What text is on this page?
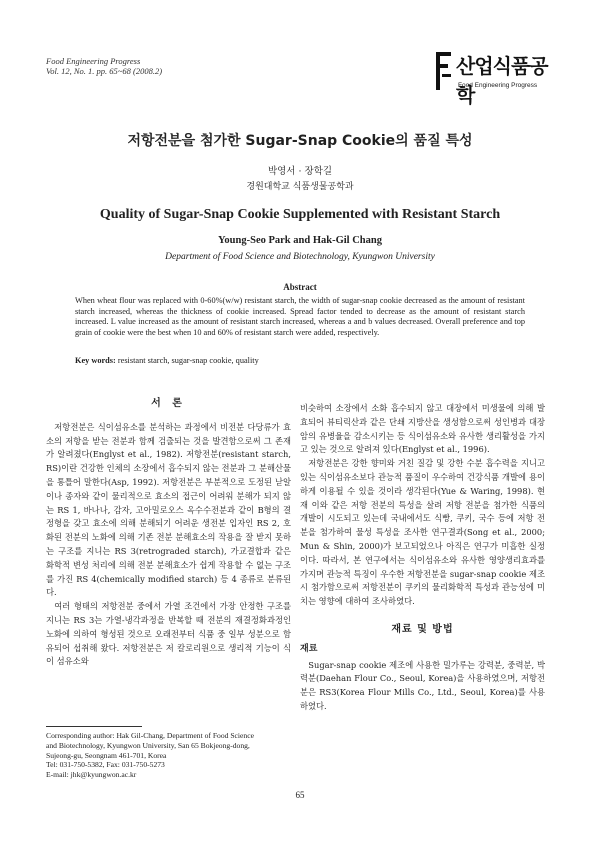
Food Engineering Progress
Vol. 12, No. 1. pp. 65~68 (2008.2)	산업식품공학
Food Engineering Progress
저항전분을 첨가한 Sugar-Snap Cookie의 품질 특성
박영서 · 장학길
경원대학교 식품생물공학과
Quality of Sugar-Snap Cookie Supplemented with Resistant Starch
Young-Seo Park and Hak-Gil Chang
Department of Food Science and Biotechnology, Kyungwon University
Abstract
When wheat flour was replaced with 0-60%(w/w) resistant starch, the width of sugar-snap cookie decreased as the amount of resistant starch increased, whereas the thickness of cookie increased. Spread factor tended to decrease as the amount of resistant starch increased. L value increased as the amount of resistant starch increased, whereas a and b values decreased. Overall preference and top grain of cookie were the best when 10 and 60% of resistant starch were added, respectively.
Key words: resistant starch, sugar-snap cookie, quality
서 론

저항전분은 식이섬유소를 분석하는 과정에서 비전분 다당류가 효소의 저항을 받는 전분과 함께 검출되는 것을 발견함으로써 그 존재가 알려졌다(Englyst et al., 1982). 저항전분(resistant starch, RS)이란 건강한 인체의 소장에서 흡수되지 않는 전분과 그 분해산물을 통틀어 말한다(Asp, 1992). 저항전분은 부분적으로 도정된 낟알이나 종자와 같이 물리적으로 효소의 접근이 어려워 분해가 되지 않는 RS 1, 바나나, 감자, 고아밀로오스 옥수수전분과 같이 B형의 결정형을 갖고 효소에 의해 분해되기 어려운 생전분 입자인 RS 2, 호화된 전분의 노화에 의해 기존 전분 분해효소의 작용을 잘 받지 못하는 구조를 지니는 RS 3(retrograded starch), 가교결합과 같은 화학적 변성 처리에 의해 전분 분해효소가 쉽게 작용할 수 없는 구조를 가진 RS 4(chemically modified starch) 등 4 종류로 분류된다.

여러 형태의 저항전분 중에서 가열 조건에서 가장 안정한 구조를 지니는 RS 3는 가열-냉각과정을 반복할 때 전분의 재결정화과정인 노화에 의하여 형성된 것으로 오래전부터 식품 중 일부 성분으로 함유되어 섭취해 왔다. 저항전분은 저 칼로리원으로 생리적 기능이 식이 섬유소와

비슷하여 소장에서 소화 흡수되지 않고 대장에서 미생물에 의해 발효되어 뷰티릭산과 같은 단쇄 지방산을 생성함으로써 성인병과 대장암의 유병율을 감소시키는 등 식이섬유소와 유사한 생리활성을 가지고 있는 것으로 알려져 있다(Englyst et al., 1996).

저항전분은 강한 향미와 거친 질감 및 강한 수분 흡수력을 지니고 있는 식이섬유소보다 관능적 품질이 우수하여 건강식품 개발에 용이하게 이용될 수 있을 것이라 생각된다(Yue & Waring, 1998). 현재 이와 같은 저항 전분의 특성을 살려 저항 전분을 첨가한 식품의 개발이 시도되고 있는데 국내에서도 식빵, 쿠키, 국수 등에 저항 전분을 첨가하여 물성 특성을 조사한 연구결과(Song et al., 2000; Mun & Shin, 2000)가 보고되었으나 아직은 연구가 미흡한 실정이다. 따라서, 본 연구에서는 식이섬유소와 유사한 영양생리효과를 가지며 관능적 특징이 우수한 저항전분을 sugar-snap cookie 제조 시 첨가함으로써 저항전분이 쿠키의 물리화학적 특성과 관능성에 미치는 영향에 대하여 조사하였다.

재료 및 방법
재료

Sugar-snap cookie 제조에 사용한 밀가루는 강력분, 중력분, 박력분(Daehan Flour Co., Seoul, Korea)을 사용하였으며, 저항전분은 RS3(Korea Flour Mills Co., Ltd., Seoul, Korea)를 사용하였다.

Corresponding author: Hak Gil-Chang, Department of Food Science
and Biotechnology, Kyungwon University, San 65 Bokjeong-dong,
Sujeong-gu, Seongnam 461-701, Korea
Tel: 031-750-5382, Fax: 031-750-5273
E-mail: jhk@kyungwon.ac.kr
65
